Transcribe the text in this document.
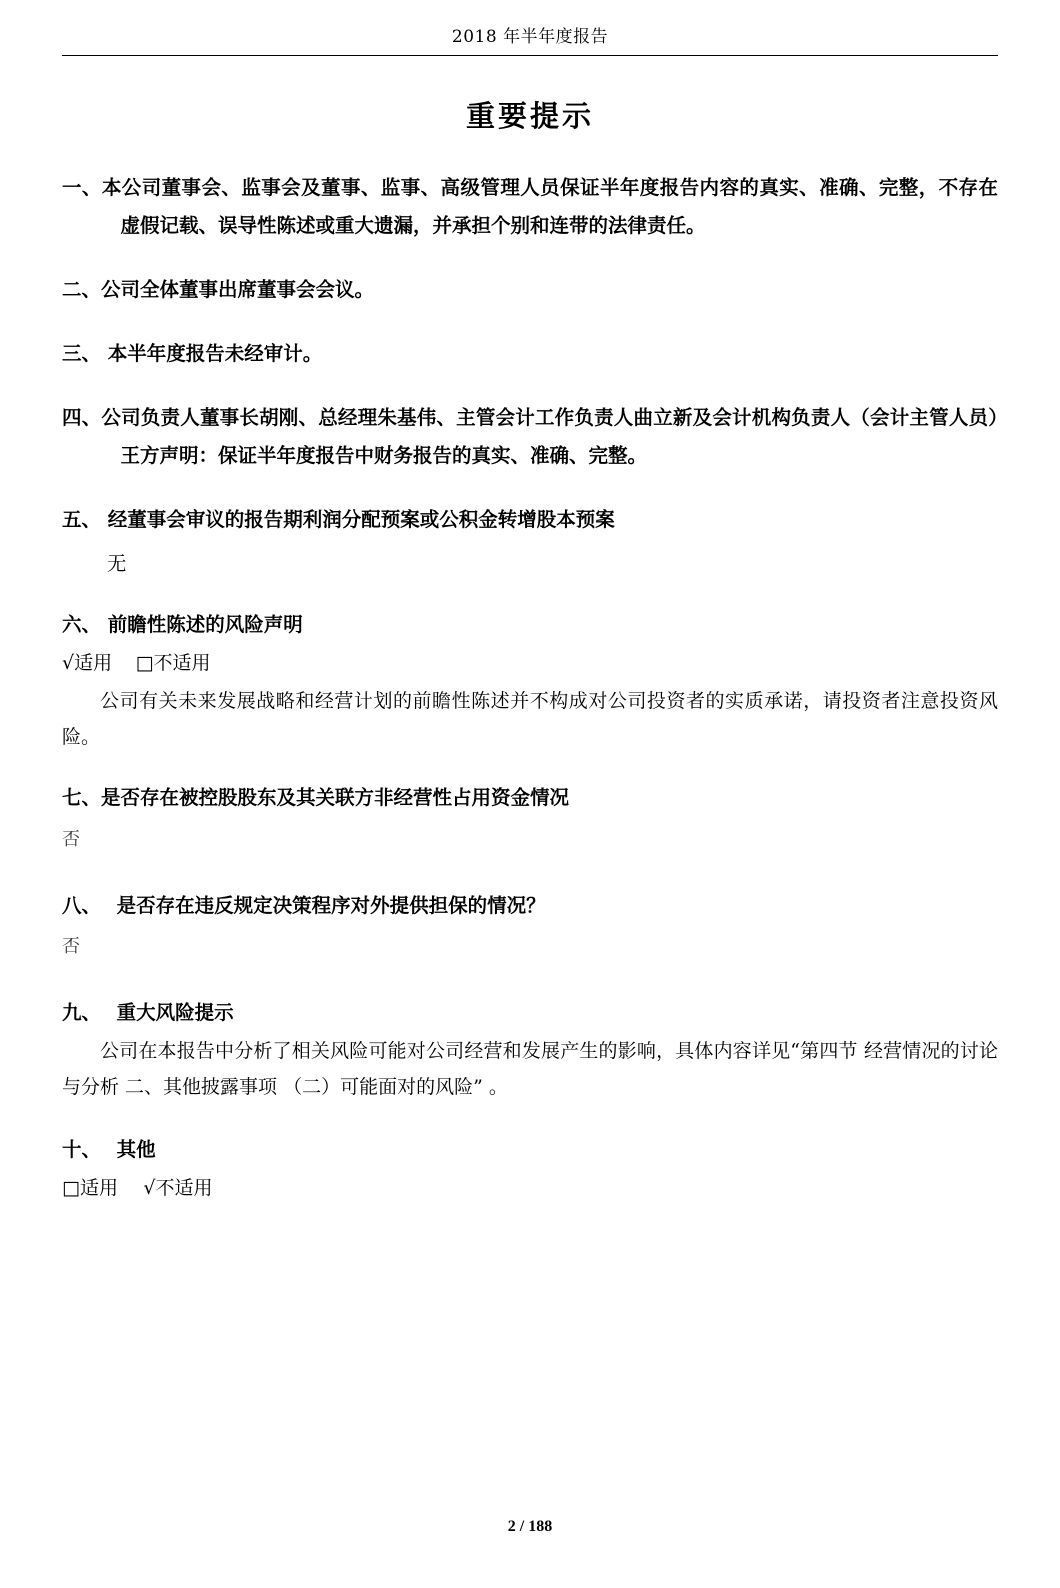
2018 年半年度报告
重要提示
一、本公司董事会、监事会及董事、监事、高级管理人员保证半年度报告内容的真实、准确、完整，不存在虚假记载、误导性陈述或重大遗漏，并承担个别和连带的法律责任。
二、公司全体董事出席董事会会议。
三、 本半年度报告未经审计。
四、公司负责人董事长胡刚、总经理朱基伟、主管会计工作负责人曲立新及会计机构负责人（会计主管人员）王方声明：保证半年度报告中财务报告的真实、准确、完整。
五、 经董事会审议的报告期利润分配预案或公积金转增股本预案
无
六、 前瞻性陈述的风险声明
√适用 □不适用
公司有关未来发展战略和经营计划的前瞻性陈述并不构成对公司投资者的实质承诺，请投资者注意投资风险。
七、是否存在被控股股东及其关联方非经营性占用资金情况
否
八、 是否存在违反规定决策程序对外提供担保的情况？
否
九、 重大风险提示
公司在本报告中分析了相关风险可能对公司经营和发展产生的影响，具体内容详见“第四节 经营情况的讨论与分析 二、其他披露事项 （二）可能面对的风险” 。
十、 其他
□适用 √不适用
2 / 188
